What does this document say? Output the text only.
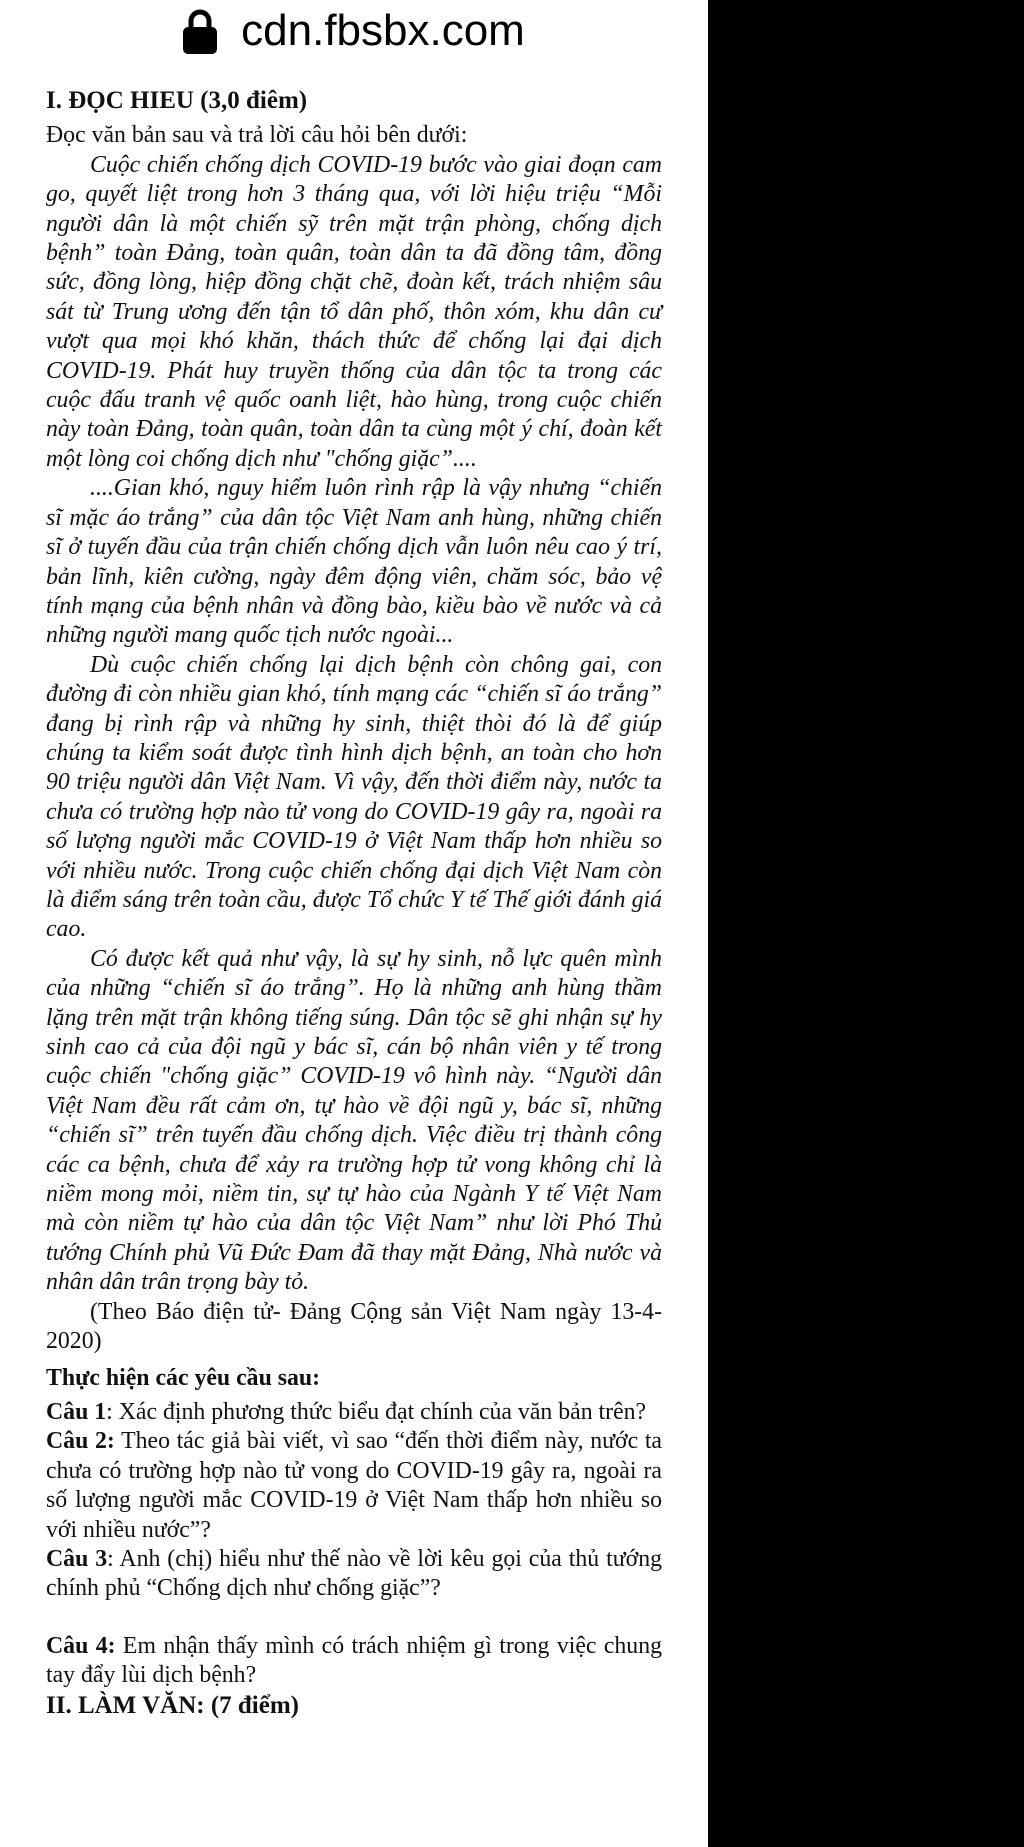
cdn.fbsbx.com

I. ĐỌC HIEU (3,0 điêm)

Đọc văn bản sau và trả lời câu hỏi bên dưới:

Cuộc chiến chống dịch COVID-19 bước vào giai đoạn cam go, quyết liệt trong hơn 3 tháng qua, với lời hiệu triệu “Mỗi người dân là một chiến sỹ trên mặt trận phòng, chống dịch bệnh” toàn Đảng, toàn quân, toàn dân ta đã đồng tâm, đồng sức, đồng lòng, hiệp đồng chặt chẽ, đoàn kết, trách nhiệm sâu sát từ Trung ương đến tận tổ dân phố, thôn xóm, khu dân cư vượt qua mọi khó khăn, thách thức để chống lại đại dịch COVID-19. Phát huy truyền thống của dân tộc ta trong các cuộc đấu tranh vệ quốc oanh liệt, hào hùng, trong cuộc chiến này toàn Đảng, toàn quân, toàn dân ta cùng một ý chí, đoàn kết một lòng coi chống dịch như "chống giặc”....

....Gian khó, nguy hiểm luôn rình rập là vậy nhưng “chiến sĩ mặc áo trắng” của dân tộc Việt Nam anh hùng, những chiến sĩ ở tuyến đầu của trận chiến chống dịch vẫn luôn nêu cao ý trí, bản lĩnh, kiên cường, ngày đêm động viên, chăm sóc, bảo vệ tính mạng của bệnh nhân và đồng bào, kiều bào về nước và cả những người mang quốc tịch nước ngoài...

Dù cuộc chiến chống lại dịch bệnh còn chông gai, con đường đi còn nhiều gian khó, tính mạng các “chiến sĩ áo trắng” đang bị rình rập và những hy sinh, thiệt thòi đó là để giúp chúng ta kiểm soát được tình hình dịch bệnh, an toàn cho hơn 90 triệu người dân Việt Nam. Vì vậy, đến thời điểm này, nước ta chưa có trường hợp nào tử vong do COVID-19 gây ra, ngoài ra số lượng người mắc COVID-19 ở Việt Nam thấp hơn nhiều so với nhiều nước. Trong cuộc chiến chống đại dịch Việt Nam còn là điểm sáng trên toàn cầu, được Tổ chức Y tế Thế giới đánh giá cao.

Có được kết quả như vậy, là sự hy sinh, nỗ lực quên mình của những “chiến sĩ áo trắng”. Họ là những anh hùng thầm lặng trên mặt trận không tiếng súng. Dân tộc sẽ ghi nhận sự hy sinh cao cả của đội ngũ y bác sĩ, cán bộ nhân viên y tế trong cuộc chiến "chống giặc” COVID-19 vô hình này. “Người dân Việt Nam đều rất cảm ơn, tự hào về đội ngũ y, bác sĩ, những “chiến sĩ” trên tuyến đầu chống dịch. Việc điều trị thành công các ca bệnh, chưa để xảy ra trường hợp tử vong không chỉ là niềm mong mỏi, niềm tin, sự tự hào của Ngành Y tế Việt Nam mà còn niềm tự hào của dân tộc Việt Nam” như lời Phó Thủ tướng Chính phủ Vũ Đức Đam đã thay mặt Đảng, Nhà nước và nhân dân trân trọng bày tỏ.

(Theo Báo điện tử- Đảng Cộng sản Việt Nam ngày 13-4-2020)

Thực hiện các yêu cầu sau:

Câu 1: Xác định phương thức biểu đạt chính của văn bản trên?

Câu 2: Theo tác giả bài viết, vì sao “đến thời điểm này, nước ta chưa có trường hợp nào tử vong do COVID-19 gây ra, ngoài ra số lượng người mắc COVID-19 ở Việt Nam thấp hơn nhiều so với nhiều nước”?

Câu 3: Anh (chị) hiểu như thế nào về lời kêu gọi của thủ tướng chính phủ “Chống dịch như chống giặc”?

Câu 4: Em nhận thấy mình có trách nhiệm gì trong việc chung tay đẩy lùi dịch bệnh?

II. LÀM VĂN: (7 điểm)
